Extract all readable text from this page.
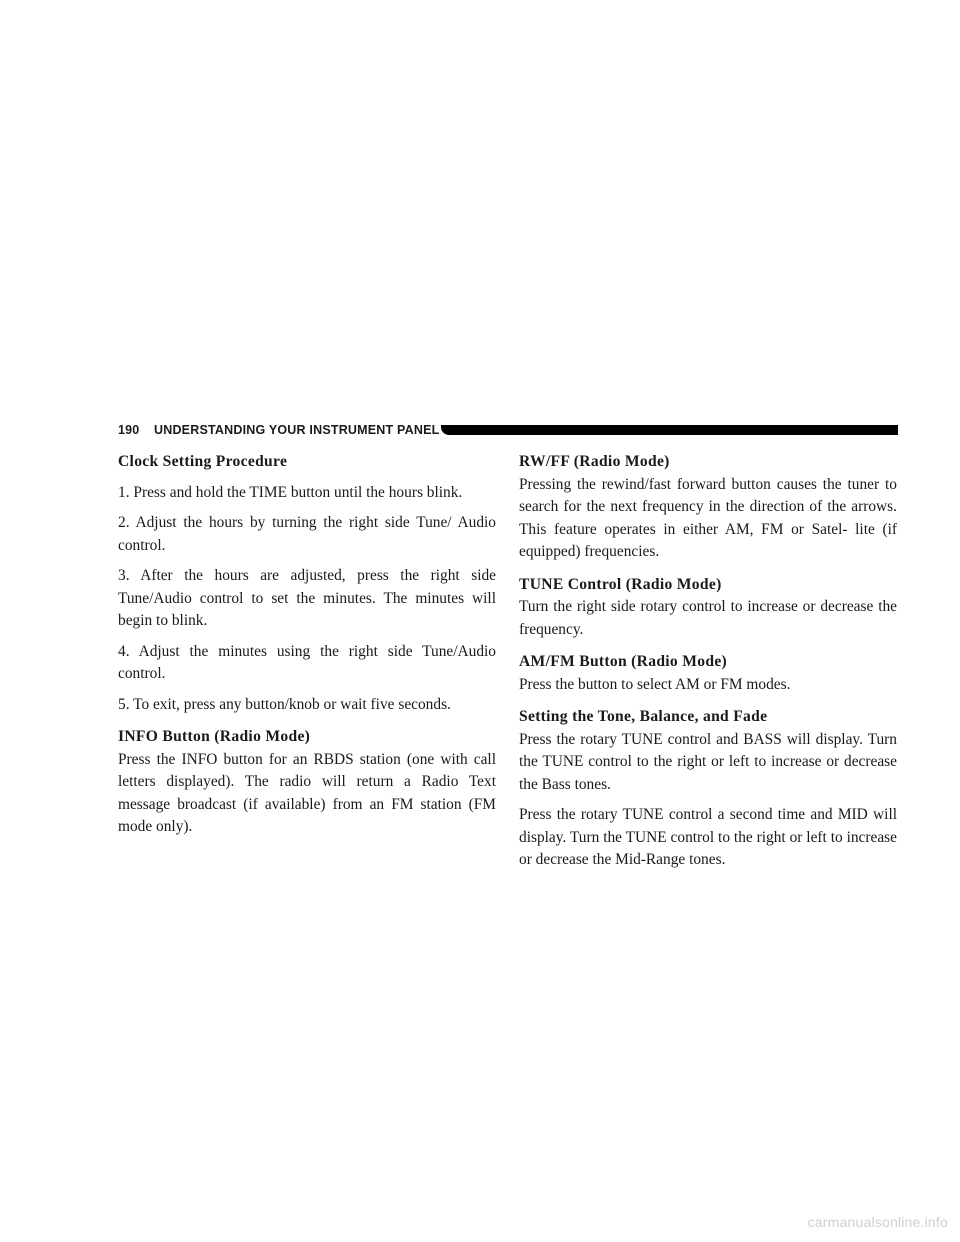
190 UNDERSTANDING YOUR INSTRUMENT PANEL

Clock Setting Procedure

1. Press and hold the TIME button until the hours blink.

2. Adjust the hours by turning the right side Tune/ Audio control.

3. After the hours are adjusted, press the right side Tune/Audio control to set the minutes. The minutes will begin to blink.

4. Adjust the minutes using the right side Tune/Audio control.

5. To exit, press any button/knob or wait five seconds.

INFO Button (Radio Mode)

Press the INFO button for an RBDS station (one with call letters displayed). The radio will return a Radio Text message broadcast (if available) from an FM station (FM mode only).

RW/FF (Radio Mode)

Pressing the rewind/fast forward button causes the tuner to search for the next frequency in the direction of the arrows. This feature operates in either AM, FM or Satel- lite (if equipped) frequencies.

TUNE Control (Radio Mode)

Turn the right side rotary control to increase or decrease the frequency.

AM/FM Button (Radio Mode)

Press the button to select AM or FM modes.

Setting the Tone, Balance, and Fade

Press the rotary TUNE control and BASS will display. Turn the TUNE control to the right or left to increase or decrease the Bass tones.

Press the rotary TUNE control a second time and MID will display. Turn the TUNE control to the right or left to increase or decrease the Mid-Range tones.

carmanualsonline.info
